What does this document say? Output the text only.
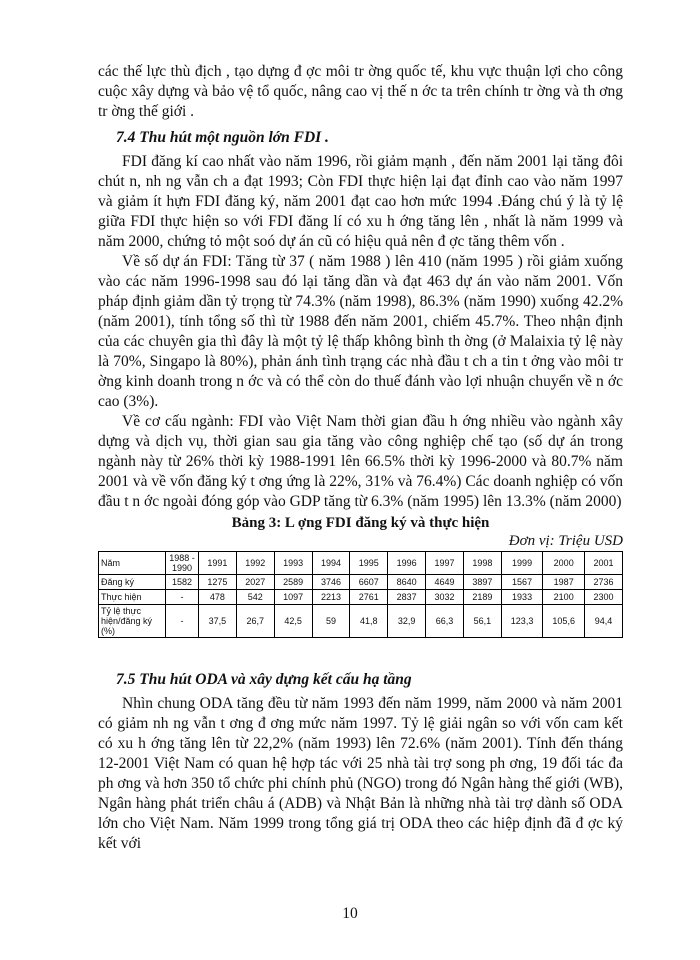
các thế lực thù địch , tạo dựng đ ợc môi tr ờng quốc tế, khu vực thuận lợi cho công cuộc xây dựng và bảo vệ tổ quốc, nâng cao vị thế n ớc ta trên chính tr ờng và th ơng tr ờng thế giới .

7.4 Thu hút một nguồn lớn FDI .

FDI đăng kí cao nhất vào năm 1996, rồi giảm mạnh , đến năm 2001 lại tăng đôi chút n, nh ng vẫn ch a đạt 1993; Còn FDI thực hiện lại đạt đỉnh cao vào năm 1997 và giảm ít hựn FDI đăng ký, năm 2001 đạt cao hơn mức 1994 .Đáng chú ý là tỷ lệ giữa FDI thực hiện so với FDI đăng lí có xu h ớng tăng lên , nhất là năm 1999 và năm 2000, chứng tỏ một soó dự án cũ có hiệu quả nên đ ợc tăng thêm vốn .

Về số dự án FDI: Tăng từ 37 ( năm 1988 ) lên 410 (năm 1995 ) rồi giảm xuống vào các năm 1996-1998 sau đó lại tăng dần và đạt 463 dự án vào năm 2001. Vốn pháp định giảm dần tỷ trọng từ 74.3% (năm 1998), 86.3% (năm 1990) xuống 42.2% (năm 2001), tính tổng số thì từ 1988 đến năm 2001, chiếm 45.7%. Theo nhận định của các chuyên gia thì đây là một tỷ lệ thấp không bình th ờng (ở Malaixia tỷ lệ này là 70%, Singapo là 80%), phản ánh tình trạng các nhà đầu t ch a tin t ởng vào môi tr ờng kinh doanh trong n ớc và có thể còn do thuế đánh vào lợi nhuận chuyển về n ớc cao (3%).

Về cơ cấu ngành: FDI vào Việt Nam thời gian đầu h ớng nhiều vào ngành xây dựng và dịch vụ, thời gian sau gia tăng vào công nghiệp chế tạo (số dự án trong ngành này từ 26% thời kỳ 1988-1991 lên 66.5% thời kỳ 1996-2000 và 80.7% năm 2001 và về vốn đăng ký t ơng ứng là 22%, 31% và 76.4%) Các doanh nghiệp có vốn đầu t n ớc ngoài đóng góp vào GDP tăng từ 6.3% (năm 1995) lên 13.3% (năm 2000)

Bảng 3: L ợng FDI đăng ký và thực hiện
Đơn vị: Triệu USD
Năm	1988 - 1990	1991	1992	1993	1994	1995	1996	1997	1998	1999	2000	2001
Đăng ký	1582	1275	2027	2589	3746	6607	8640	4649	3897	1567	1987	2736
Thực hiện	-	478	542	1097	2213	2761	2837	3032	2189	1933	2100	2300
Tỷ lệ thực hiện/đăng ký (%)	-	37,5	26,7	42,5	59	41,8	32,9	66,3	56,1	123,3	105,6	94,4
7.5 Thu hút ODA và xây dựng kết cấu hạ tầng

Nhìn chung ODA tăng đều từ năm 1993 đến năm 1999, năm 2000 và năm 2001 có giảm nh ng vẫn t ơng đ ơng mức năm 1997. Tỷ lệ giải ngân so với vốn cam kết có xu h ớng tăng lên từ 22,2% (năm 1993) lên 72.6% (năm 2001). Tính đến tháng 12-2001 Việt Nam có quan hệ hợp tác với 25 nhà tài trợ song ph ơng, 19 đối tác đa ph ơng và hơn 350 tổ chức phi chính phủ (NGO) trong đó Ngân hàng thế giới (WB), Ngân hàng phát triển châu á (ADB) và Nhật Bản là những nhà tài trợ dành số ODA lớn cho Việt Nam. Năm 1999 trong tổng giá trị ODA theo các hiệp định đã đ ợc ký kết với

10
